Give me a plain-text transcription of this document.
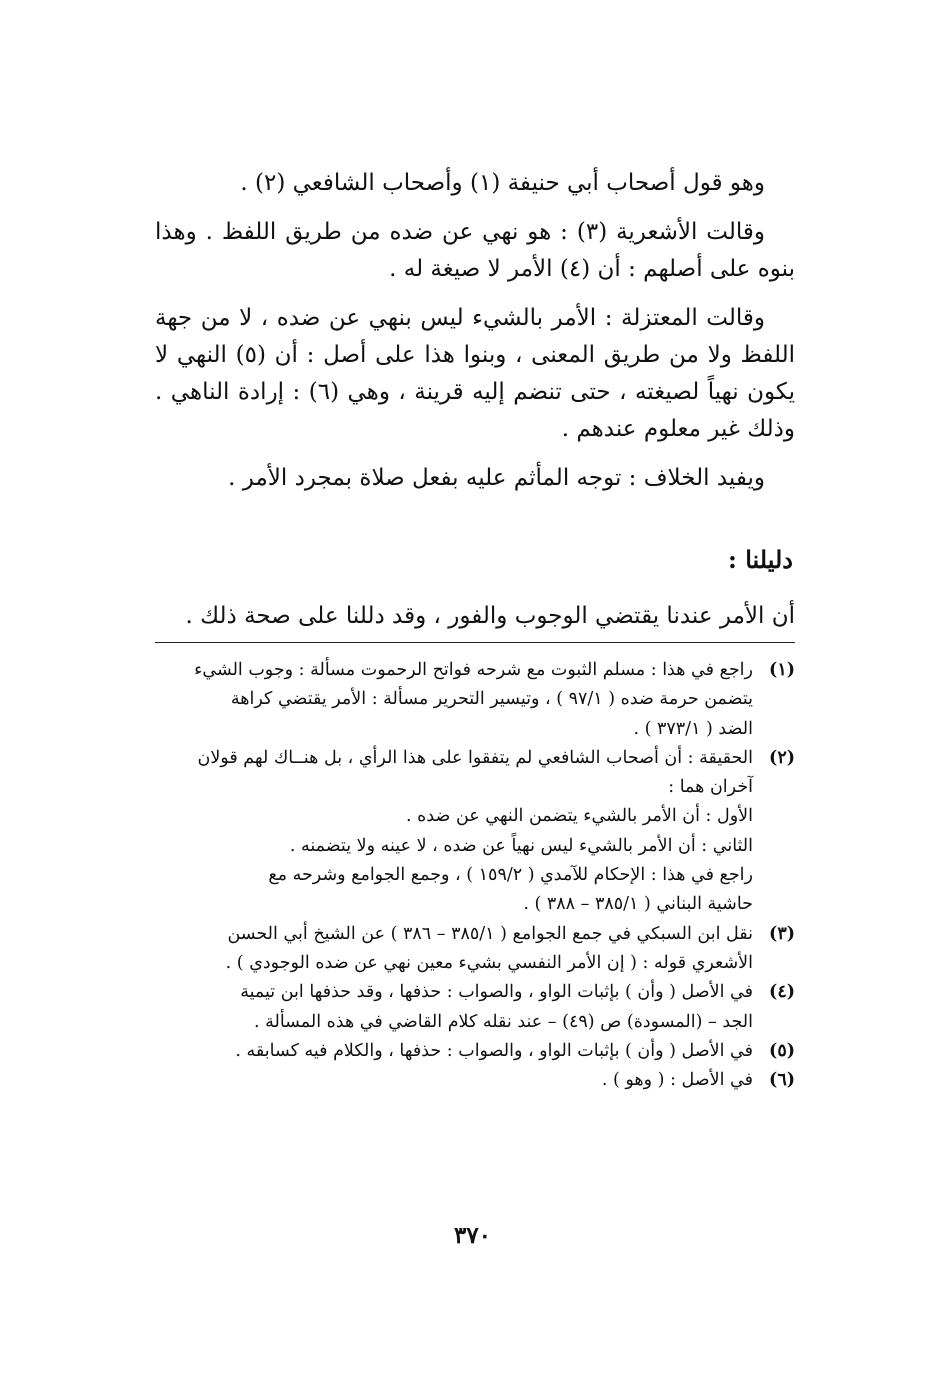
وهو قول أصحاب أبي حنيفة (١) وأصحاب الشافعي (٢) .

وقالت الأشعرية (٣) : هو نهي عن ضده من طريق اللفظ . وهذا بنوه على أصلهم : أن (٤) الأمر لا صيغة له .

وقالت المعتزلة : الأمر بالشيء ليس بنهي عن ضده ، لا من جهة اللفظ ولا من طريق المعنى ، وبنوا هذا على أصل : أن (٥) النهي لا يكون نهياً لصيغته ، حتى تنضم إليه قرينة ، وهي (٦) : إرادة الناهي . وذلك غير معلوم عندهم .

ويفيد الخلاف : توجه المأثم عليه بفعل صلاة بمجرد الأمر .

دليلنا :
أن الأمر عندنا يقتضي الوجوب والفور ، وقد دللنا على صحة ذلك .
(١)
راجع في هذا : مسلم الثبوت مع شرحه فواتح الرحموت مسألة : وجوب الشيء
يتضمن حرمة ضده ( ٩٧/١ ) ، وتيسير التحرير مسألة : الأمر يقتضي كراهة
الضد ( ٣٧٣/١ ) .
(٢)
الحقيقة : أن أصحاب الشافعي لم يتفقوا على هذا الرأي ، بل هنــاك لهم قولان
آخران هما :
الأول : أن الأمر بالشيء يتضمن النهي عن ضده .
الثاني : أن الأمر بالشيء ليس نهياً عن ضده ، لا عينه ولا يتضمنه .
راجع في هذا : الإحكام للآمدي ( ١٥٩/٢ ) ، وجمع الجوامع وشرحه مع
حاشية البناني ( ٣٨٥/١ – ٣٨٨ ) .
(٣)
نقل ابن السبكي في جمع الجوامع ( ٣٨٥/١ – ٣٨٦ ) عن الشيخ أبي الحسن
الأشعري قوله : ( إن الأمر النفسي بشيء معين نهي عن ضده الوجودي ) .
(٤)
في الأصل ( وأن ) بإثبات الواو ، والصواب : حذفها ، وقد حذفها ابن تيمية
الجد – (المسودة) ص (٤٩) – عند نقله كلام القاضي في هذه المسألة .
(٥)
في الأصل ( وأن ) بإثبات الواو ، والصواب : حذفها ، والكلام فيه كسابقه .
(٦)
في الأصل : ( وهو ) .
٣٧٠
